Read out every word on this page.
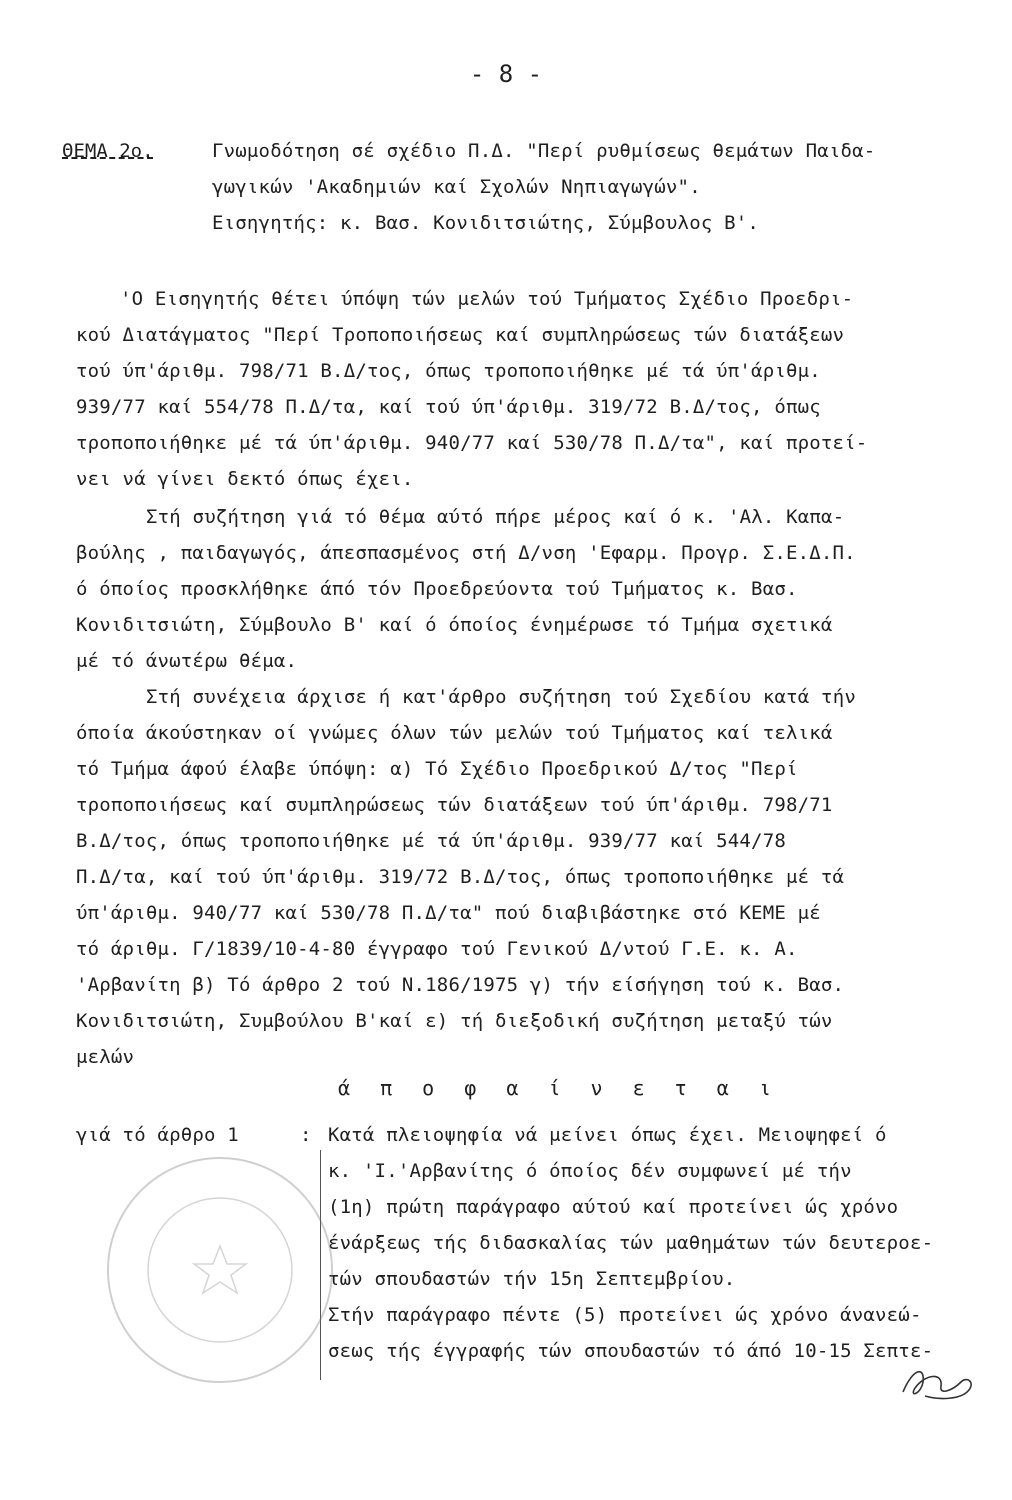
- 8 -
ΘΕΜΑ 2ο.	Γνωμοδότηση σέ σχέδιο Π.Δ. "Περί ρυθμίσεως θεμάτων Παιδα-
γωγικών 'Ακαδημιών καί Σχολών Νηπιαγωγών".
Εισηγητής: κ. Βασ. Κονιδιτσιώτης, Σύμβουλος Β'.
'Ο Εισηγητής θέτει ύπόψη τών μελών τού Τμήματος Σχέδιο Προεδρι-
κού Διατάγματος "Περί Τροποποιήσεως καί συμπληρώσεως τών διατάξεων
τού ύπ'άριθμ. 798/71 Β.Δ/τος, όπως τροποποιήθηκε μέ τά ύπ'άριθμ.
939/77 καί 554/78 Π.Δ/τα, καί τού ύπ'άριθμ. 319/72 Β.Δ/τος, όπως
τροποποιήθηκε μέ τά ύπ'άριθμ. 940/77 καί 530/78 Π.Δ/τα", καί προτεί-
νει νά γίνει δεκτό όπως έχει.
Στή συζήτηση γιά τό θέμα αύτό πήρε μέρος καί ό κ. 'Αλ. Καπα-
βούλης , παιδαγωγός, άπεσπασμένος στή Δ/νση 'Εφαρμ. Προγρ. Σ.Ε.Δ.Π.
ό όποίος προσκλήθηκε άπό τόν Προεδρεύοντα τού Τμήματος κ. Βασ.
Κονιδιτσιώτη, Σύμβουλο Β' καί ό όποίος ένημέρωσε τό Τμήμα σχετικά
μέ τό άνωτέρω θέμα.
Στή συνέχεια άρχισε ή κατ'άρθρο συζήτηση τού Σχεδίου κατά τήν
όποία άκούστηκαν οί γνώμες όλων τών μελών τού Τμήματος καί τελικά
τό Τμήμα άφού έλαβε ύπόψη: α) Τό Σχέδιο Προεδρικού Δ/τος "Περί
τροποποιήσεως καί συμπληρώσεως τών διατάξεων τού ύπ'άριθμ. 798/71
Β.Δ/τος, όπως τροποποιήθηκε μέ τά ύπ'άριθμ. 939/77 καί 544/78
Π.Δ/τα, καί τού ύπ'άριθμ. 319/72 Β.Δ/τος, όπως τροποποιήθηκε μέ τά
ύπ'άριθμ. 940/77 καί 530/78 Π.Δ/τα" πού διαβιβάστηκε στό ΚΕΜΕ μέ
τό άριθμ. Γ/1839/10-4-80 έγγραφο τού Γενικού Δ/ντού Γ.Ε. κ. Α.
'Αρβανίτη β) Τό άρθρο 2 τού Ν.186/1975 γ) τήν είσήγηση τού κ. Βασ.
Κονιδιτσιώτη, Συμβούλου Β'καί ε) τή διεξοδική συζήτηση μεταξύ τών
μελών
ά π ο φ α ί ν ε τ α ι
γιά τό άρθρο 1	: Κατά πλειοψηφία νά μείνει όπως έχει. Μειοψηφεί ό
κ. 'Ι.'Αρβανίτης ό όποίος δέν συμφωνεί μέ τήν
(1η) πρώτη παράγραφο αύτού καί προτείνει ώς χρόνο
ένάρξεως τής διδασκαλίας τών μαθημάτων τών δευτεροε-
τών σπουδαστών τήν 15η Σεπτεμβρίου.
Στήν παράγραφο πέντε (5) προτείνει ώς χρόνο άνανεώ-
σεως τής έγγραφής τών σπουδαστών τό άπό 10-15 Σεπτε-
